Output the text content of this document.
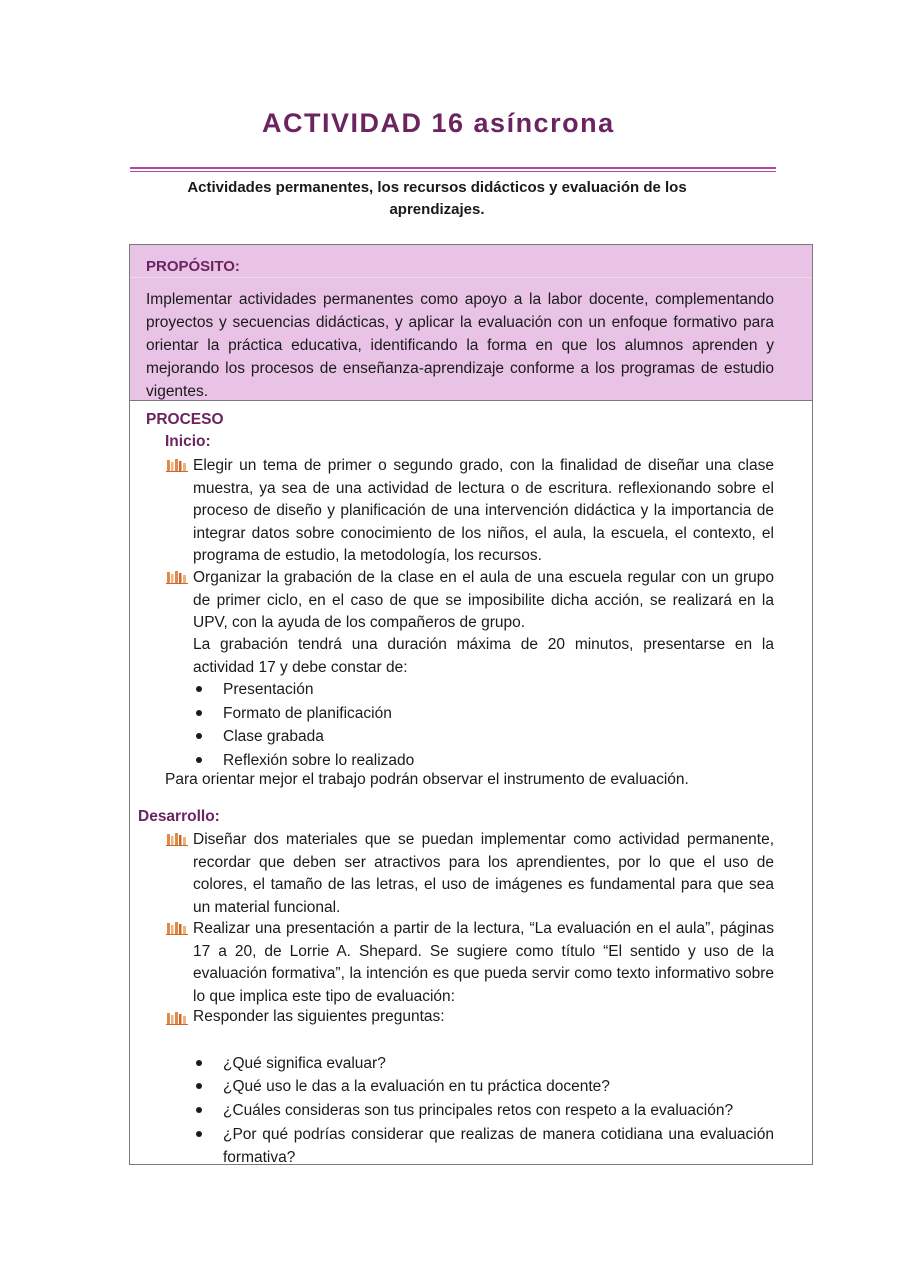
ACTIVIDAD 16 asíncrona
Actividades permanentes, los recursos didácticos y evaluación de los aprendizajes.
PROPÓSITO:
Implementar actividades permanentes como apoyo a la labor docente, complementando proyectos y secuencias didácticas, y aplicar la evaluación con un enfoque formativo para orientar la práctica educativa, identificando la forma en que los alumnos aprenden y mejorando los procesos de enseñanza-aprendizaje conforme a los programas de estudio vigentes.
PROCESO
Inicio:
Elegir un tema de primer o segundo grado, con la finalidad de diseñar una clase muestra, ya sea de una actividad de lectura o de escritura. reflexionando sobre el proceso de diseño y planificación de una intervención didáctica y la importancia de integrar datos sobre conocimiento de los niños, el aula, la escuela, el contexto, el programa de estudio, la metodología, los recursos.
Organizar la grabación de la clase en el aula de una escuela regular con un grupo de primer ciclo, en el caso de que se imposibilite dicha acción, se realizará en la UPV, con la ayuda de los compañeros de grupo.
La grabación tendrá una duración máxima de 20 minutos, presentarse en la actividad 17 y debe constar de:
Presentación
Formato de planificación
Clase grabada
Reflexión sobre lo realizado
Para orientar mejor el trabajo podrán observar el instrumento de evaluación.
Desarrollo:
Diseñar dos materiales que se puedan implementar como actividad permanente, recordar que deben ser atractivos para los aprendientes, por lo que el uso de colores, el tamaño de las letras, el uso de imágenes es fundamental para que sea un material funcional.
Realizar una presentación a partir de la lectura, “La evaluación en el aula”, páginas 17 a 20, de Lorrie A. Shepard. Se sugiere como título “El sentido y uso de la evaluación formativa”, la intención es que pueda servir como texto informativo sobre lo que implica este tipo de evaluación:
Responder las siguientes preguntas:
¿Qué significa evaluar?
¿Qué uso le das a la evaluación en tu práctica docente?
¿Cuáles consideras son tus principales retos con respeto a la evaluación?
¿Por qué podrías considerar que realizas de manera cotidiana una evaluación formativa?
